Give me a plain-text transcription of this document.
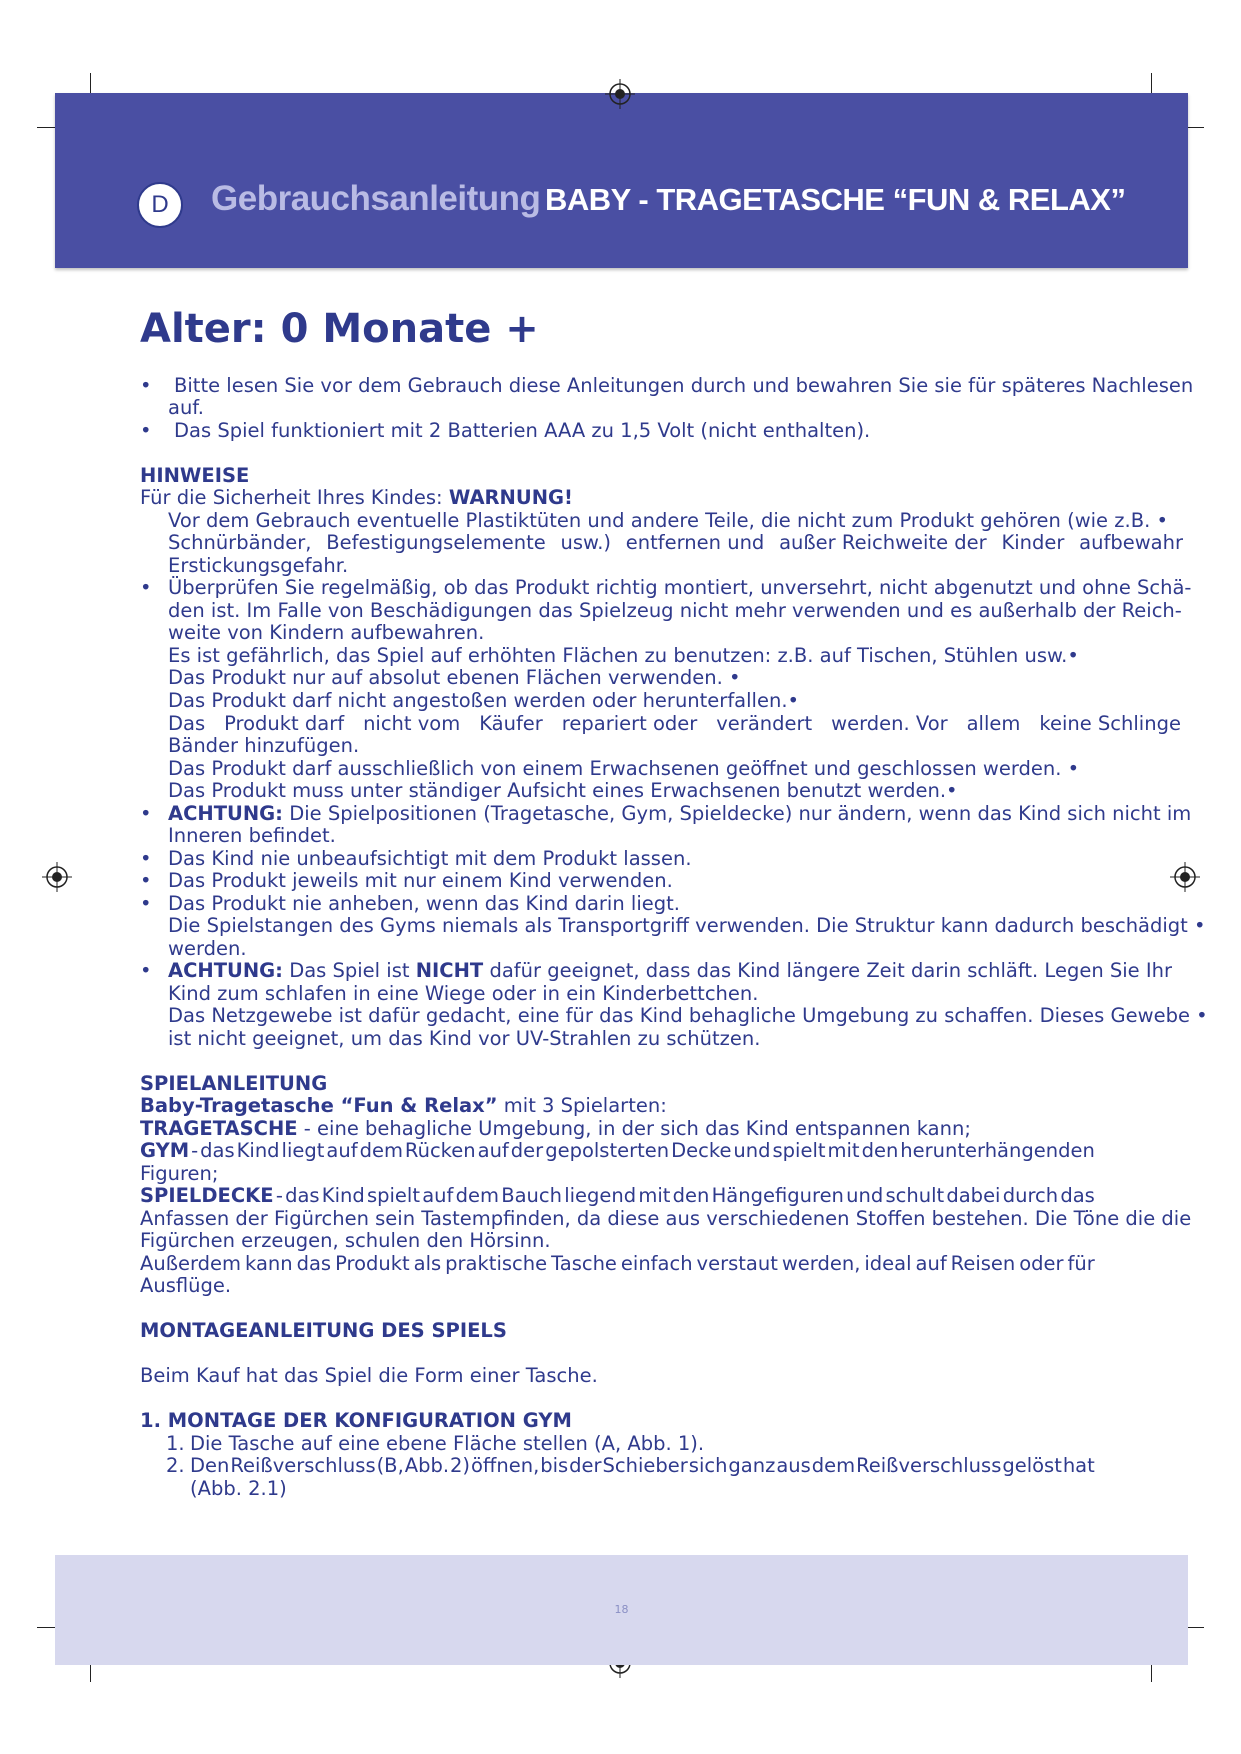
D Gebrauchsanleitung BABY - TRAGETASCHE “FUN & RELAX”
Alter: 0 Monate +
• Bitte lesen Sie vor dem Gebrauch diese Anleitungen durch und bewahren Sie sie für späteres Nachlesen
auf.
• Das Spiel funktioniert mit 2 Batterien AAA zu 1,5 Volt (nicht enthalten).
HINWEISE
Für die Sicherheit Ihres Kindes: WARNUNG!
Vor dem Gebrauch eventuelle Plastiktüten und andere Teile, die nicht zum Produkt gehören (wie z.B. •
Schnürbänder, Befestigungselemente usw.) entfernen und außer Reichweite der Kinder aufbewahr
Erstickungsgefahr.
• Überprüfen Sie regelmäßig, ob das Produkt richtig montiert, unversehrt, nicht abgenutzt und ohne Schä-
den ist. Im Falle von Beschädigungen das Spielzeug nicht mehr verwenden und es außerhalb der Reich-
weite von Kindern aufbewahren.
Es ist gefährlich, das Spiel auf erhöhten Flächen zu benutzen: z.B. auf Tischen, Stühlen usw.•
Das Produkt nur auf absolut ebenen Flächen verwenden. •
Das Produkt darf nicht angestoßen werden oder herunterfallen.•
Das Produkt darf nicht vom Käufer repariert oder verändert werden. Vor allem keine Schlinge
Bänder hinzufügen.
Das Produkt darf ausschließlich von einem Erwachsenen geöffnet und geschlossen werden. •
Das Produkt muss unter ständiger Aufsicht eines Erwachsenen benutzt werden.•
• ACHTUNG: Die Spielpositionen (Tragetasche, Gym, Spieldecke) nur ändern, wenn das Kind sich nicht im
Inneren befindet.
• Das Kind nie unbeaufsichtigt mit dem Produkt lassen.
• Das Produkt jeweils mit nur einem Kind verwenden.
• Das Produkt nie anheben, wenn das Kind darin liegt.
Die Spielstangen des Gyms niemals als Transportgriff verwenden. Die Struktur kann dadurch beschädigt •
werden.
• ACHTUNG: Das Spiel ist NICHT dafür geeignet, dass das Kind längere Zeit darin schläft. Legen Sie Ihr
Kind zum schlafen in eine Wiege oder in ein Kinderbettchen.
Das Netzgewebe ist dafür gedacht, eine für das Kind behagliche Umgebung zu schaffen. Dieses Gewebe •
ist nicht geeignet, um das Kind vor UV-Strahlen zu schützen.
SPIELANLEITUNG
Baby-Tragetasche “Fun & Relax” mit 3 Spielarten:
TRAGETASCHE - eine behagliche Umgebung, in der sich das Kind entspannen kann;
GYM - das Kind liegt auf dem Rücken auf der gepolsterten Decke und spielt mit den herunterhängenden
Figuren;
SPIELDECKE - das Kind spielt auf dem Bauch liegend mit den Hängefiguren und schult dabei durch das
Anfassen der Figürchen sein Tastempfinden, da diese aus verschiedenen Stoffen bestehen. Die Töne die die
Figürchen erzeugen, schulen den Hörsinn.
Außerdem kann das Produkt als praktische Tasche einfach verstaut werden, ideal auf Reisen oder für
Ausflüge.
MONTAGEANLEITUNG DES SPIELS
Beim Kauf hat das Spiel die Form einer Tasche.
1. MONTAGE DER KONFIGURATION GYM
1. Die Tasche auf eine ebene Fläche stellen (A, Abb. 1).
2. Den Reißverschluss (B, Abb. 2) öffnen, bis der Schieber sich ganz aus dem Reißverschluss gelöst hat
(Abb. 2.1)
18
